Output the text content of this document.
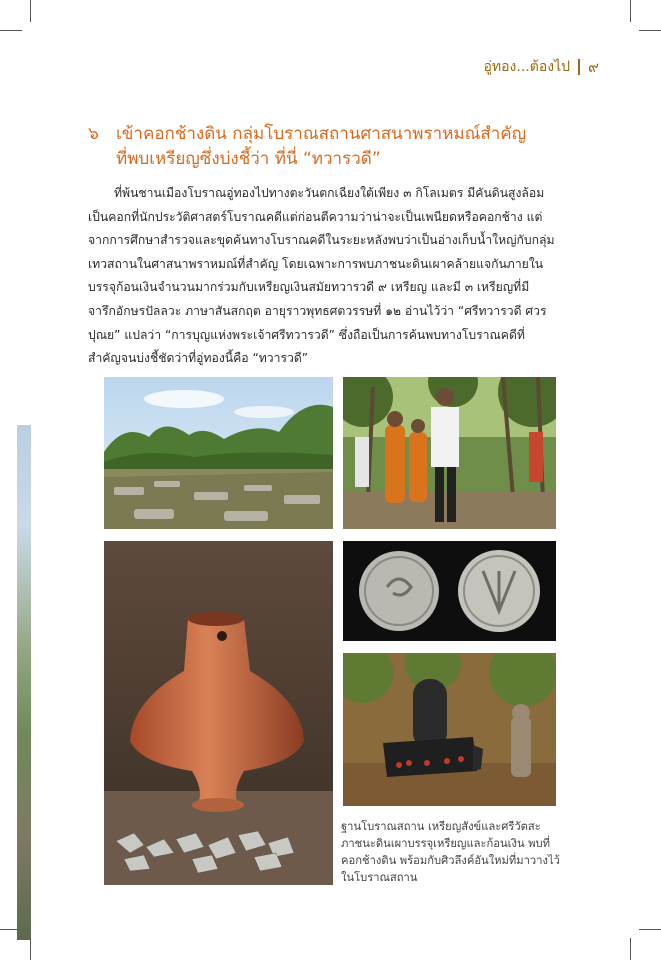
อู่ทอง...ต้องไป ๙
๖	เข้าคอกช้างดิน กลุ่มโบราณสถานศาสนาพราหมณ์สำคัญ
ที่พบเหรียญซึ่งบ่งชี้ว่า ที่นี่ “ทวารวดี”
ที่พ้นชานเมืองโบราณอู่ทองไปทางตะวันตกเฉียงใต้เพียง ๓ กิโลเมตร มีคันดินสูงล้อม
เป็นคอกที่นักประวัติศาสตร์โบราณคดีแต่ก่อนตีความว่าน่าจะเป็นเพนียดหรือคอกช้าง แต่
จากการศึกษาสำรวจและขุดค้นทางโบราณคดีในระยะหลังพบว่าเป็นอ่างเก็บน้ำใหญ่กับกลุ่ม
เทวสถานในศาสนาพราหมณ์ที่สำคัญ โดยเฉพาะการพบภาชนะดินเผาคล้ายแจกันภายใน
บรรจุก้อนเงินจำนวนมากร่วมกับเหรียญเงินสมัยทวารวดี ๙ เหรียญ และมี ๓ เหรียญที่มี
จารึกอักษรปัลลวะ ภาษาสันสกฤต อายุราวพุทธศตวรรษที่ ๑๒ อ่านไว้ว่า “ศรีทวารวดี ศวร
ปุณย” แปลว่า “การบุญแห่งพระเจ้าศรีทวารวดี” ซึ่งถือเป็นการค้นพบทางโบราณคดีที่
สำคัญจนบ่งชี้ชัดว่าที่อู่ทองนี้คือ “ทวารวดี”
ฐานโบราณสถาน เหรียญสังข์และศรีวัตสะ
ภาชนะดินเผาบรรจุเหรียญและก้อนเงิน พบที่
คอกช้างดิน พร้อมกับศิวลึงค์อันใหม่ที่มาวางไว้
ในโบราณสถาน
